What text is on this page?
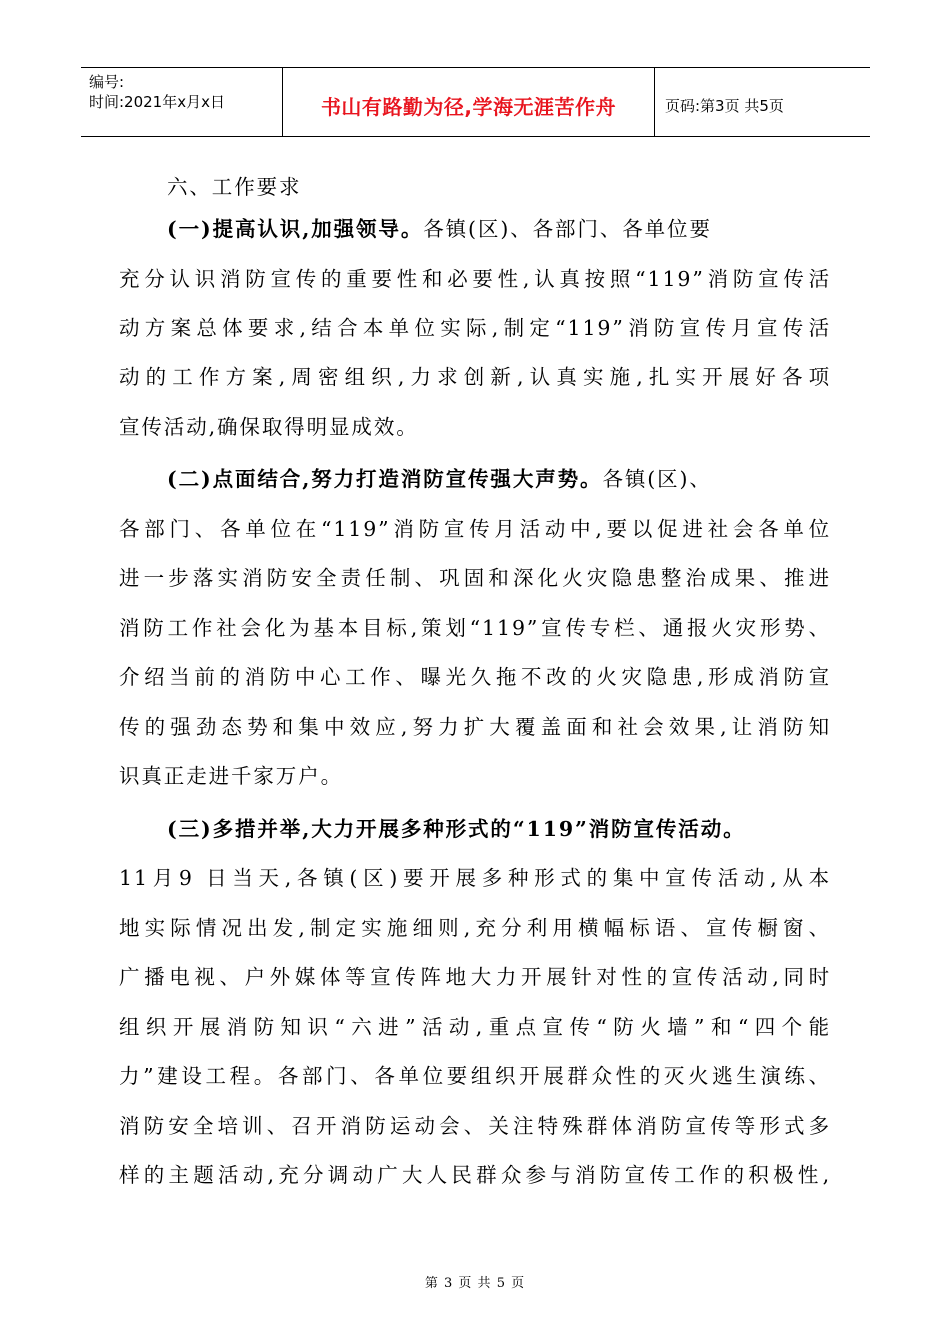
编号:
时间:2021年x月x日	书山有路勤为径,学海无涯苦作舟	页码:第3页 共5页
六、工作要求
(一)提高认识,加强领导。各镇(区)、各部门、各单位要
充分认识消防宣传的重要性和必要性,认真按照“119”消防宣传活
动方案总体要求,结合本单位实际,制定“119”消防宣传月宣传活
动的工作方案,周密组织,力求创新,认真实施,扎实开展好各项
宣传活动,确保取得明显成效。
(二)点面结合,努力打造消防宣传强大声势。各镇(区)、
各部门、各单位在“119”消防宣传月活动中,要以促进社会各单位
进一步落实消防安全责任制、巩固和深化火灾隐患整治成果、推进
消防工作社会化为基本目标,策划“119”宣传专栏、通报火灾形势、
介绍当前的消防中心工作、曝光久拖不改的火灾隐患,形成消防宣
传的强劲态势和集中效应,努力扩大覆盖面和社会效果,让消防知
识真正走进千家万户。
(三)多措并举,大力开展多种形式的“119”消防宣传活动。
11月9 日当天,各镇(区)要开展多种形式的集中宣传活动,从本
地实际情况出发,制定实施细则,充分利用横幅标语、宣传橱窗、
广播电视、户外媒体等宣传阵地大力开展针对性的宣传活动,同时
组织开展消防知识“六进”活动,重点宣传“防火墙”和“四个能
力”建设工程。各部门、各单位要组织开展群众性的灭火逃生演练、
消防安全培训、召开消防运动会、关注特殊群体消防宣传等形式多
样的主题活动,充分调动广大人民群众参与消防宣传工作的积极性,
第 3 页 共 5 页
